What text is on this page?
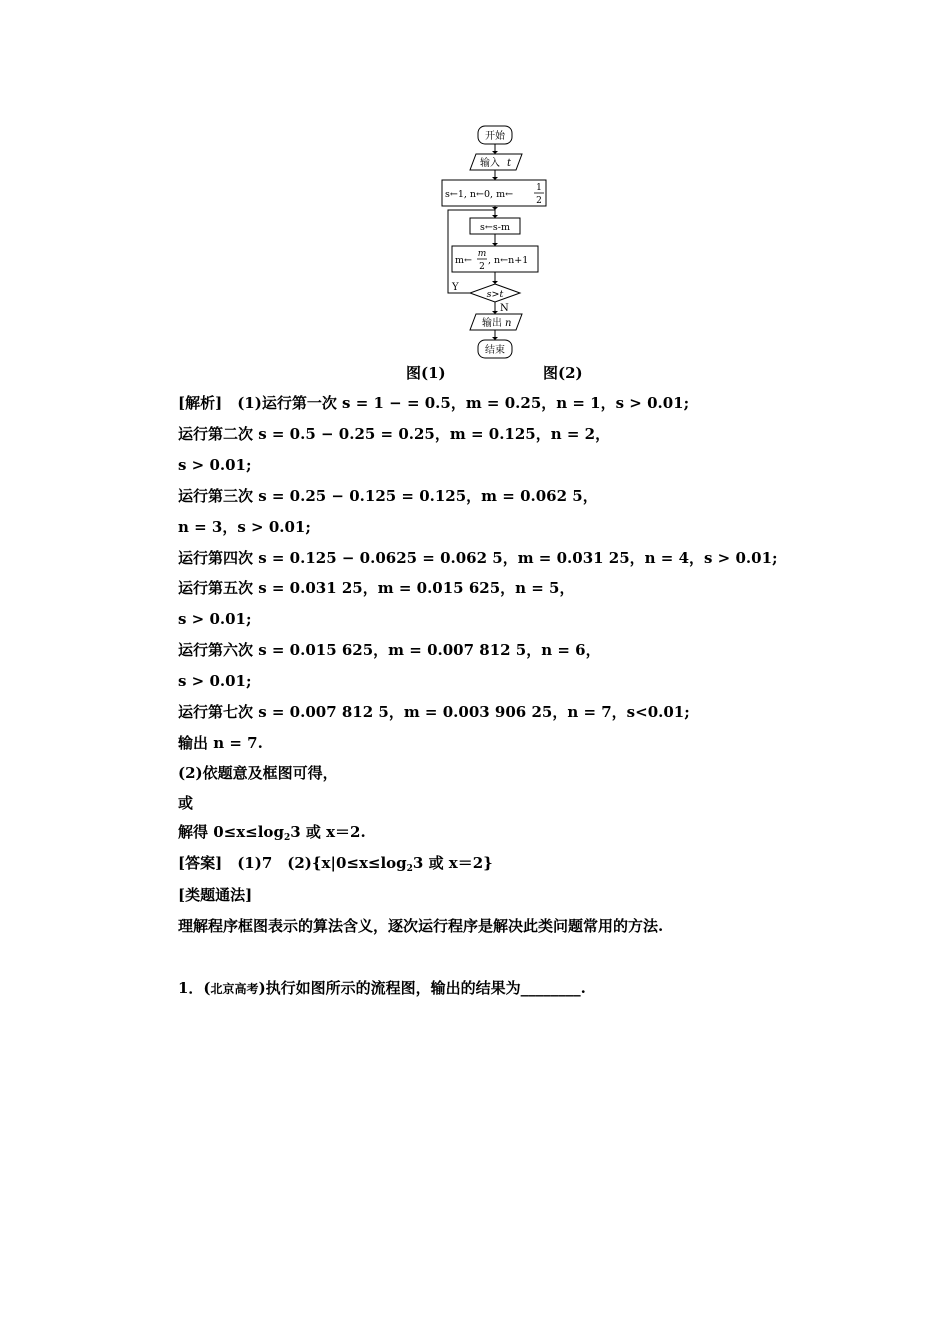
开始
输入 t
s←1, n←0, m←
1
2
s←s-m
m←
m
2
, n←n+1
s>t
Y
N
输出 n
结束
图(1)	图(2)
[解析]　(1)运行第一次 s = 1 − = 0.5，m = 0.25，n = 1，s > 0.01;
运行第二次 s = 0.5 − 0.25 = 0.25，m = 0.125，n = 2，
s > 0.01;
运行第三次 s = 0.25 − 0.125 = 0.125，m = 0.062 5，
n = 3，s > 0.01;
运行第四次 s = 0.125 − 0.0625 = 0.062 5，m = 0.031 25，n = 4，s > 0.01;
运行第五次 s = 0.031 25，m = 0.015 625，n = 5，
s > 0.01;
运行第六次 s = 0.015 625，m = 0.007 812 5，n = 6，
s > 0.01;
运行第七次 s = 0.007 812 5，m = 0.003 906 25，n = 7，s<0.01;
输出 n = 7.
(2)依题意及框图可得，
或
解得 $0\le x\le\log_23$ 或 x＝2.
[答案]　(1)7　$(2)\{x|0\le x\le\log_23$ 或 x＝2}
[类题通法]
理解程序框图表示的算法含义，逐次运行程序是解决此类问题常用的方法.
1．(北京高考)执行如图所示的流程图，输出的结果为________.
